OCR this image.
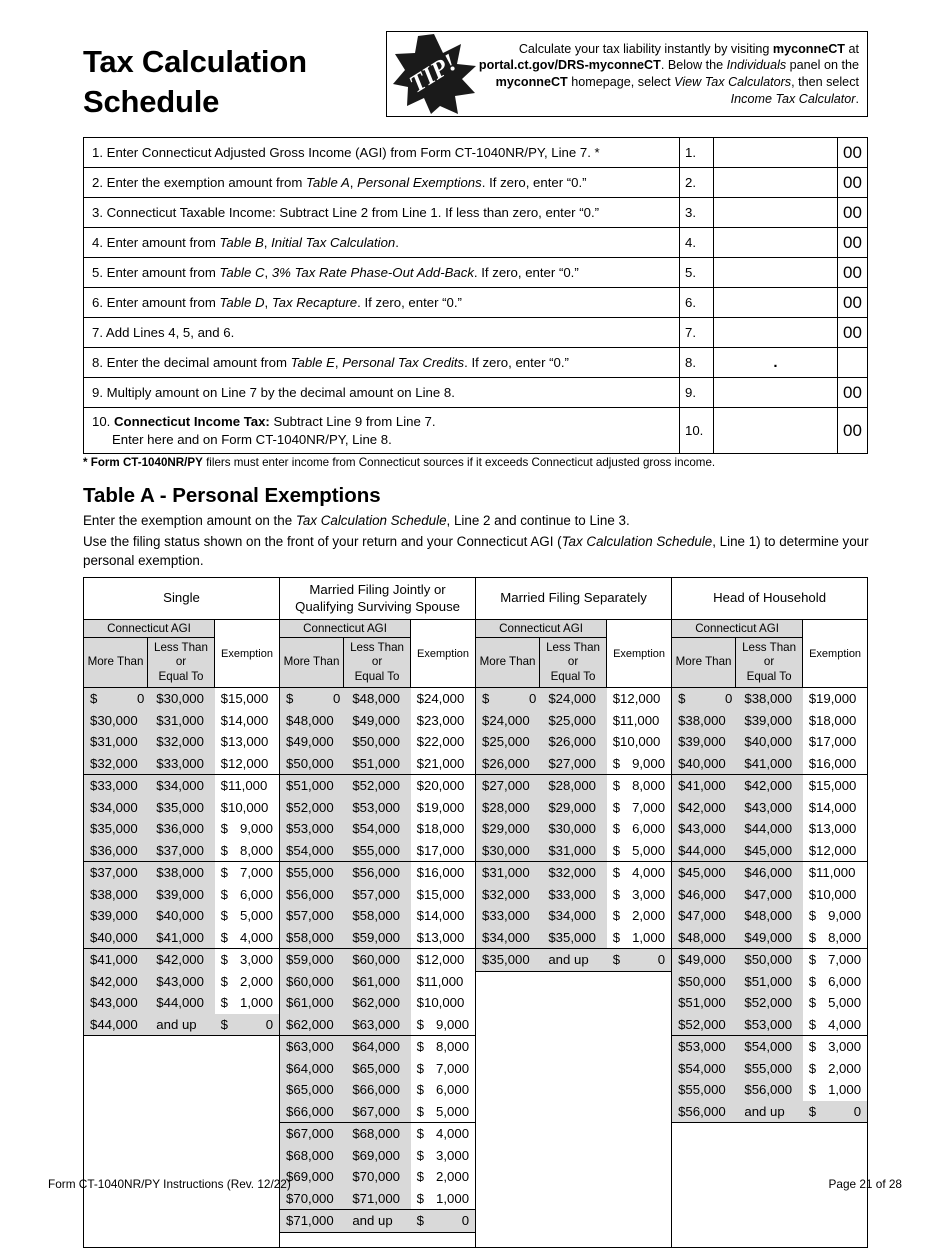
Tax Calculation
Schedule
TIP!
Calculate your tax liability instantly by visiting myconneCT at portal.ct.gov/DRS-myconneCT. Below the Individuals panel on the myconneCT homepage, select View Tax Calculators, then select Income Tax Calculator.
1. Enter Connecticut Adjusted Gross Income (AGI) from Form CT-1040NR/PY, Line 7. *	1.		00
2. Enter the exemption amount from Table A, Personal Exemptions. If zero, enter “0.”	2.		00
3. Connecticut Taxable Income: Subtract Line 2 from Line 1. If less than zero, enter “0.”	3.		00
4. Enter amount from Table B, Initial Tax Calculation.	4.		00
5. Enter amount from Table C, 3% Tax Rate Phase-Out Add-Back. If zero, enter “0.”	5.		00
6. Enter amount from Table D, Tax Recapture. If zero, enter “0.”	6.		00
7. Add Lines 4, 5, and 6.	7.		00
8. Enter the decimal amount from Table E, Personal Tax Credits. If zero, enter “0.”	8.	.	
9. Multiply amount on Line 7 by the decimal amount on Line 8.	9.		00
10. Connecticut Income Tax: Subtract Line 9 from Line 7.
Enter here and on Form CT-1040NR/PY, Line 8.	10.		00
* Form CT-1040NR/PY filers must enter income from Connecticut sources if it exceeds Connecticut adjusted gross income.
Table A - Personal Exemptions
Enter the exemption amount on the Tax Calculation Schedule, Line 2 and continue to Line 3.
Use the filing status shown on the front of your return and your Connecticut AGI (Tax Calculation Schedule, Line 1) to determine your personal exemption.
Single	Married Filing Jointly or Qualifying Surviving Spouse	Married Filing Separately	Head of Household
Connecticut AGI	Exemption	Connecticut AGI	Exemption	Connecticut AGI	Exemption	Connecticut AGI	Exemption
More Than	Less Than
or
Equal To	More Than	Less Than
or
Equal To	More Than	Less Than
or
Equal To	More Than	Less Than
or
Equal To

$	0	$30,000	$15,000
$30,000	$31,000	$14,000
$31,000	$32,000	$13,000
$32,000	$33,000	$12,000
$33,000	$34,000	$11,000
$34,000	$35,000	$10,000
$35,000	$36,000	$ 9,000

$36,000	$37,000	$ 8,000

$37,000	$38,000	$ 7,000

$38,000	$39,000	$ 6,000

$39,000	$40,000	$ 5,000

$40,000	$41,000	$ 4,000

$41,000	$42,000	$ 3,000

$42,000	$43,000	$ 2,000

$43,000	$44,000	$ 1,000

$44,000	and up	$	0

$	0	$48,000	$24,000
$48,000	$49,000	$23,000
$49,000	$50,000	$22,000
$50,000	$51,000	$21,000
$51,000	$52,000	$20,000
$52,000	$53,000	$19,000
$53,000	$54,000	$18,000
$54,000	$55,000	$17,000
$55,000	$56,000	$16,000
$56,000	$57,000	$15,000
$57,000	$58,000	$14,000
$58,000	$59,000	$13,000
$59,000	$60,000	$12,000
$60,000	$61,000	$11,000
$61,000	$62,000	$10,000
$62,000	$63,000	$ 9,000

$63,000	$64,000	$ 8,000

$64,000	$65,000	$ 7,000

$65,000	$66,000	$ 6,000

$66,000	$67,000	$ 5,000

$67,000	$68,000	$ 4,000

$68,000	$69,000	$ 3,000

$69,000	$70,000	$ 2,000

$70,000	$71,000	$ 1,000

$71,000	and up	$	0

$	0	$24,000	$12,000
$24,000	$25,000	$11,000
$25,000	$26,000	$10,000
$26,000	$27,000	$ 9,000

$27,000	$28,000	$ 8,000

$28,000	$29,000	$ 7,000

$29,000	$30,000	$ 6,000

$30,000	$31,000	$ 5,000

$31,000	$32,000	$ 4,000

$32,000	$33,000	$ 3,000

$33,000	$34,000	$ 2,000

$34,000	$35,000	$ 1,000

$35,000	and up	$	0

$	0	$38,000	$19,000
$38,000	$39,000	$18,000
$39,000	$40,000	$17,000
$40,000	$41,000	$16,000
$41,000	$42,000	$15,000
$42,000	$43,000	$14,000
$43,000	$44,000	$13,000
$44,000	$45,000	$12,000
$45,000	$46,000	$11,000
$46,000	$47,000	$10,000
$47,000	$48,000	$ 9,000

$48,000	$49,000	$ 8,000

$49,000	$50,000	$ 7,000

$50,000	$51,000	$ 6,000

$51,000	$52,000	$ 5,000

$52,000	$53,000	$ 4,000

$53,000	$54,000	$ 3,000

$54,000	$55,000	$ 2,000

$55,000	$56,000	$ 1,000

$56,000	and up	$	0
Form CT-1040NR/PY Instructions (Rev. 12/22)	Page 21 of 28
